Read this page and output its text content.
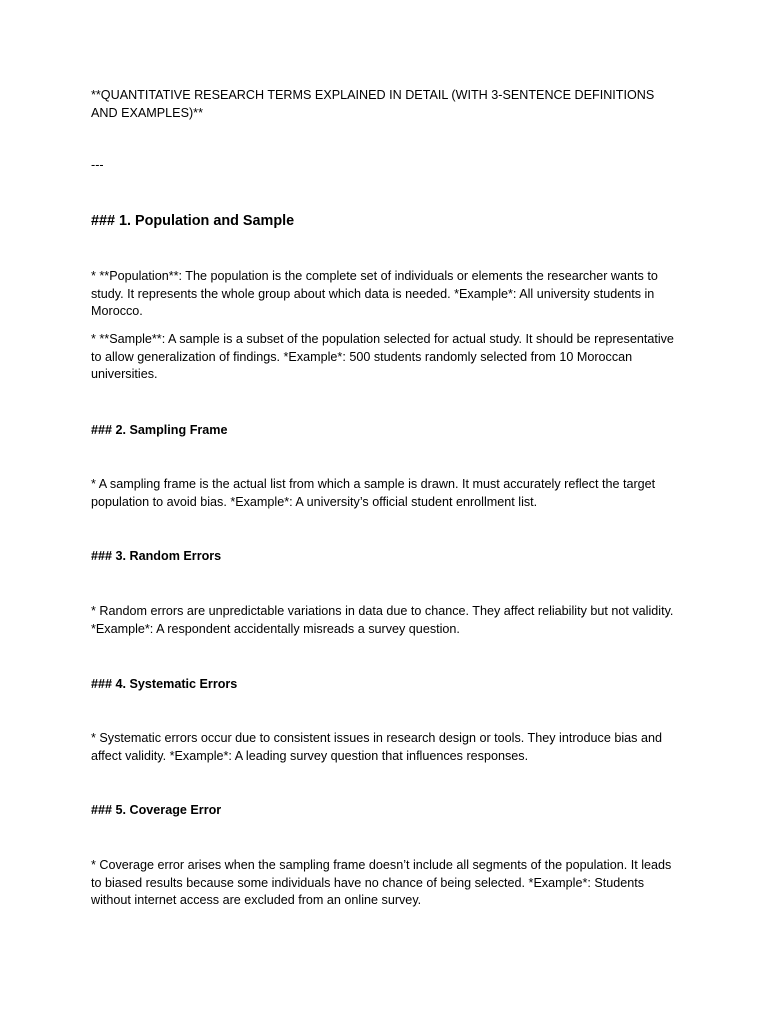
**QUANTITATIVE RESEARCH TERMS EXPLAINED IN DETAIL (WITH 3-SENTENCE DEFINITIONS AND EXAMPLES)**

---

### 1. Population and Sample

* **Population**: The population is the complete set of individuals or elements the researcher wants to study. It represents the whole group about which data is needed. *Example*: All university students in Morocco.

* **Sample**: A sample is a subset of the population selected for actual study. It should be representative to allow generalization of findings. *Example*: 500 students randomly selected from 10 Moroccan universities.

### 2. Sampling Frame

* A sampling frame is the actual list from which a sample is drawn. It must accurately reflect the target population to avoid bias. *Example*: A university’s official student enrollment list.

### 3. Random Errors

* Random errors are unpredictable variations in data due to chance. They affect reliability but not validity. *Example*: A respondent accidentally misreads a survey question.

### 4. Systematic Errors

* Systematic errors occur due to consistent issues in research design or tools. They introduce bias and affect validity. *Example*: A leading survey question that influences responses.

### 5. Coverage Error

* Coverage error arises when the sampling frame doesn’t include all segments of the population. It leads to biased results because some individuals have no chance of being selected. *Example*: Students without internet access are excluded from an online survey.
